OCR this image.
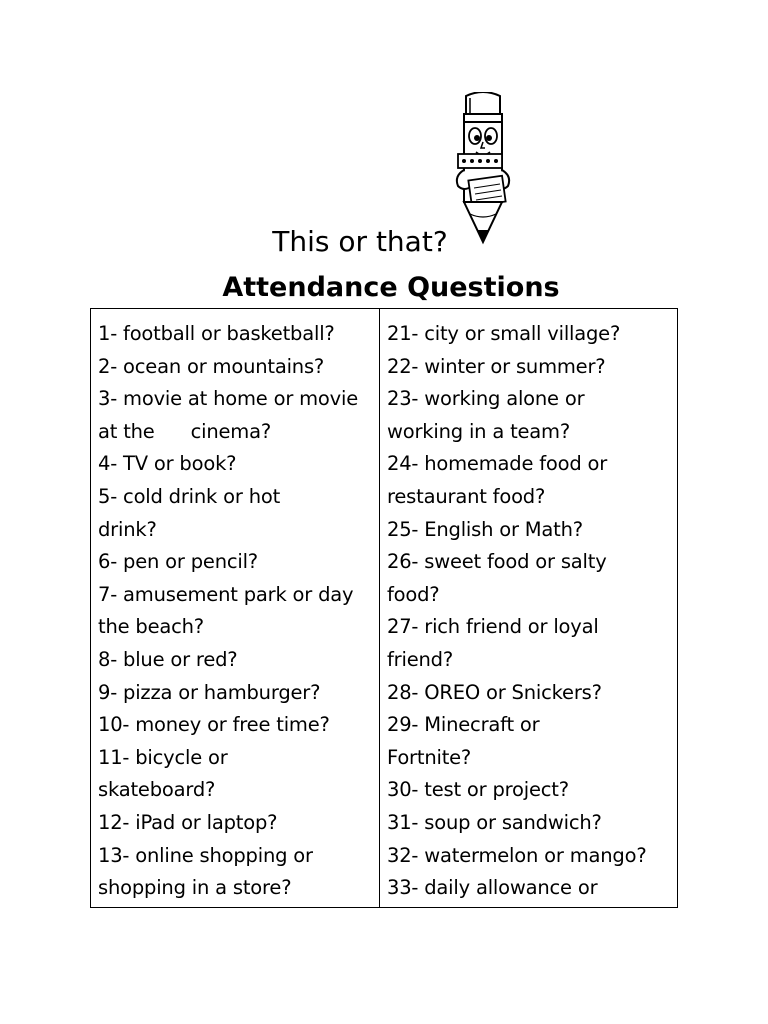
This or that?
Attendance Questions
1- football or basketball?
2- ocean or mountains?
3- movie at home or movie
at the      cinema?
4- TV or book?
5- cold drink or hot
drink?
6- pen or pencil?
7- amusement park or day
the beach?
8- blue or red?
9- pizza or hamburger?
10- money or free time?
11- bicycle or
skateboard?
12- iPad or laptop?
13- online shopping or
shopping in a store?
21- city or small village?
22- winter or summer?
23- working alone or
working in a team?
24- homemade food or
restaurant food?
25- English or Math?
26- sweet food or salty
food?
27- rich friend or loyal
friend?
28- OREO or Snickers?
29- Minecraft or
Fortnite?
30- test or project?
31- soup or sandwich?
32- watermelon or mango?
33- daily allowance or
